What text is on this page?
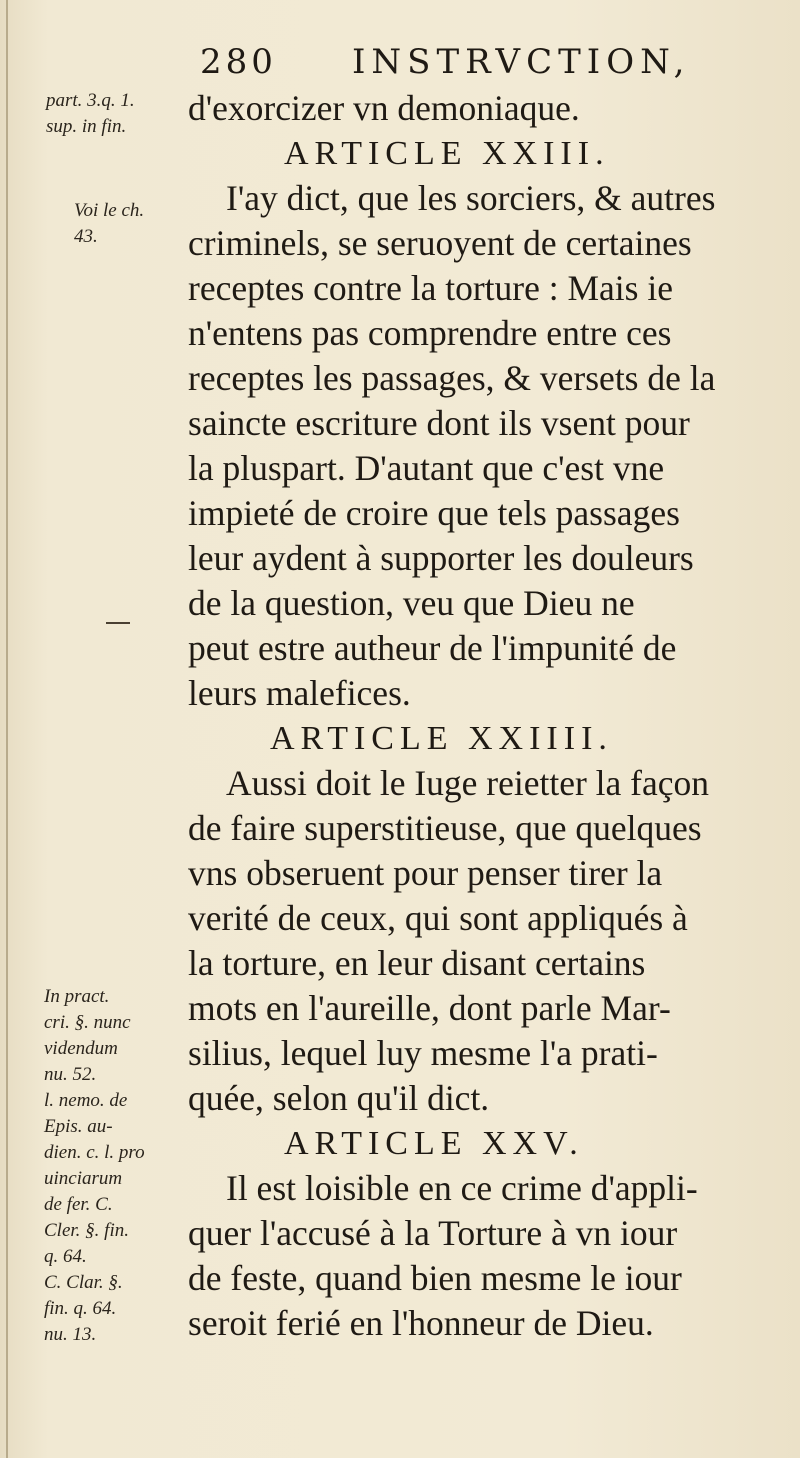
280 INSTRVCTION,
d'exorcizer vn demoniaque.
ARTICLE XXIII.
I'ay dict, que les sorciers, & autres
criminels, se seruoyent de certaines
receptes contre la torture : Mais ie
n'entens pas comprendre entre ces
receptes les passages, & versets de la
saincte escriture dont ils vsent pour
la pluspart. D'autant que c'est vne
impieté de croire que tels passages
leur aydent à supporter les douleurs
de la question, veu que Dieu ne
peut estre autheur de l'impunité de
leurs malefices.
ARTICLE XXIIII.
Aussi doit le Iuge reietter la façon
de faire superstitieuse, que quelques
vns obseruent pour penser tirer la
verité de ceux, qui sont appliqués à
la torture, en leur disant certains
mots en l'aureille, dont parle Mar-
silius, lequel luy mesme l'a prati-
quée, selon qu'il dict.
ARTICLE XXV.
Il est loisible en ce crime d'appli-
quer l'accusé à la Torture à vn iour
de feste, quand bien mesme le iour
seroit ferié en l'honneur de Dieu.
part. 3.q. 1.
sup. in fin.
Voi le ch.
43.
In pract.
cri. §. nunc
videndum
nu. 52.
l. nemo. de
Epis. au-
dien. c. l. pro
uinciarum
de fer. C.
Cler. §. fin.
q. 64.
C. Clar. §.
fin. q. 64.
nu. 13.
